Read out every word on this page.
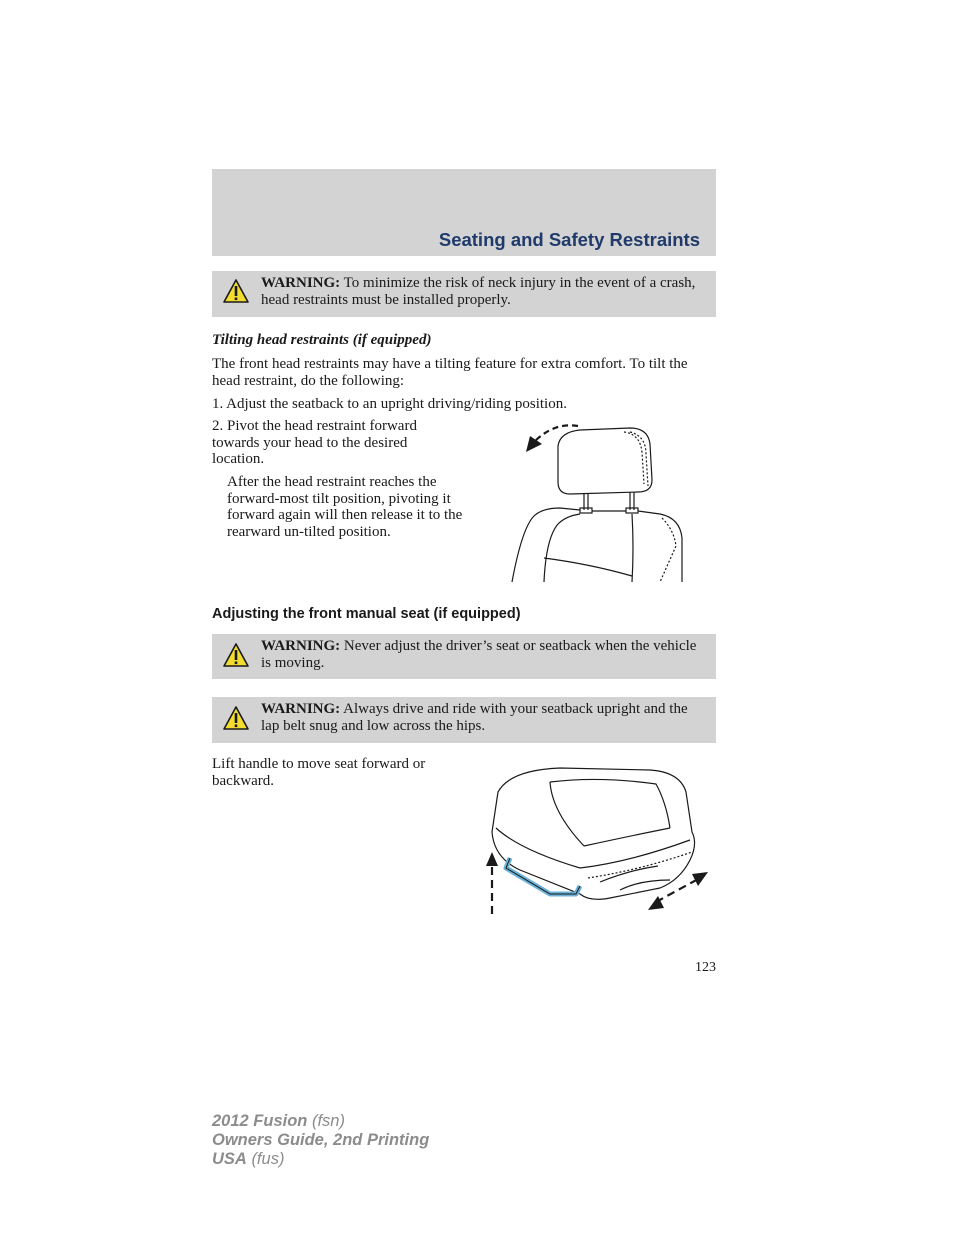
Seating and Safety Restraints
WARNING: To minimize the risk of neck injury in the event of a crash, head restraints must be installed properly.
Tilting head restraints (if equipped)
The front head restraints may have a tilting feature for extra comfort. To tilt the head restraint, do the following:
1. Adjust the seatback to an upright driving/riding position.
2. Pivot the head restraint forward towards your head to the desired location.
After the head restraint reaches the forward-most tilt position, pivoting it forward again will then release it to the rearward un-tilted position.
Adjusting the front manual seat (if equipped)
WARNING: Never adjust the driver’s seat or seatback when the vehicle is moving.
WARNING: Always drive and ride with your seatback upright and the lap belt snug and low across the hips.
Lift handle to move seat forward or backward.
123
2012 Fusion (fsn)
Owners Guide, 2nd Printing
USA (fus)
